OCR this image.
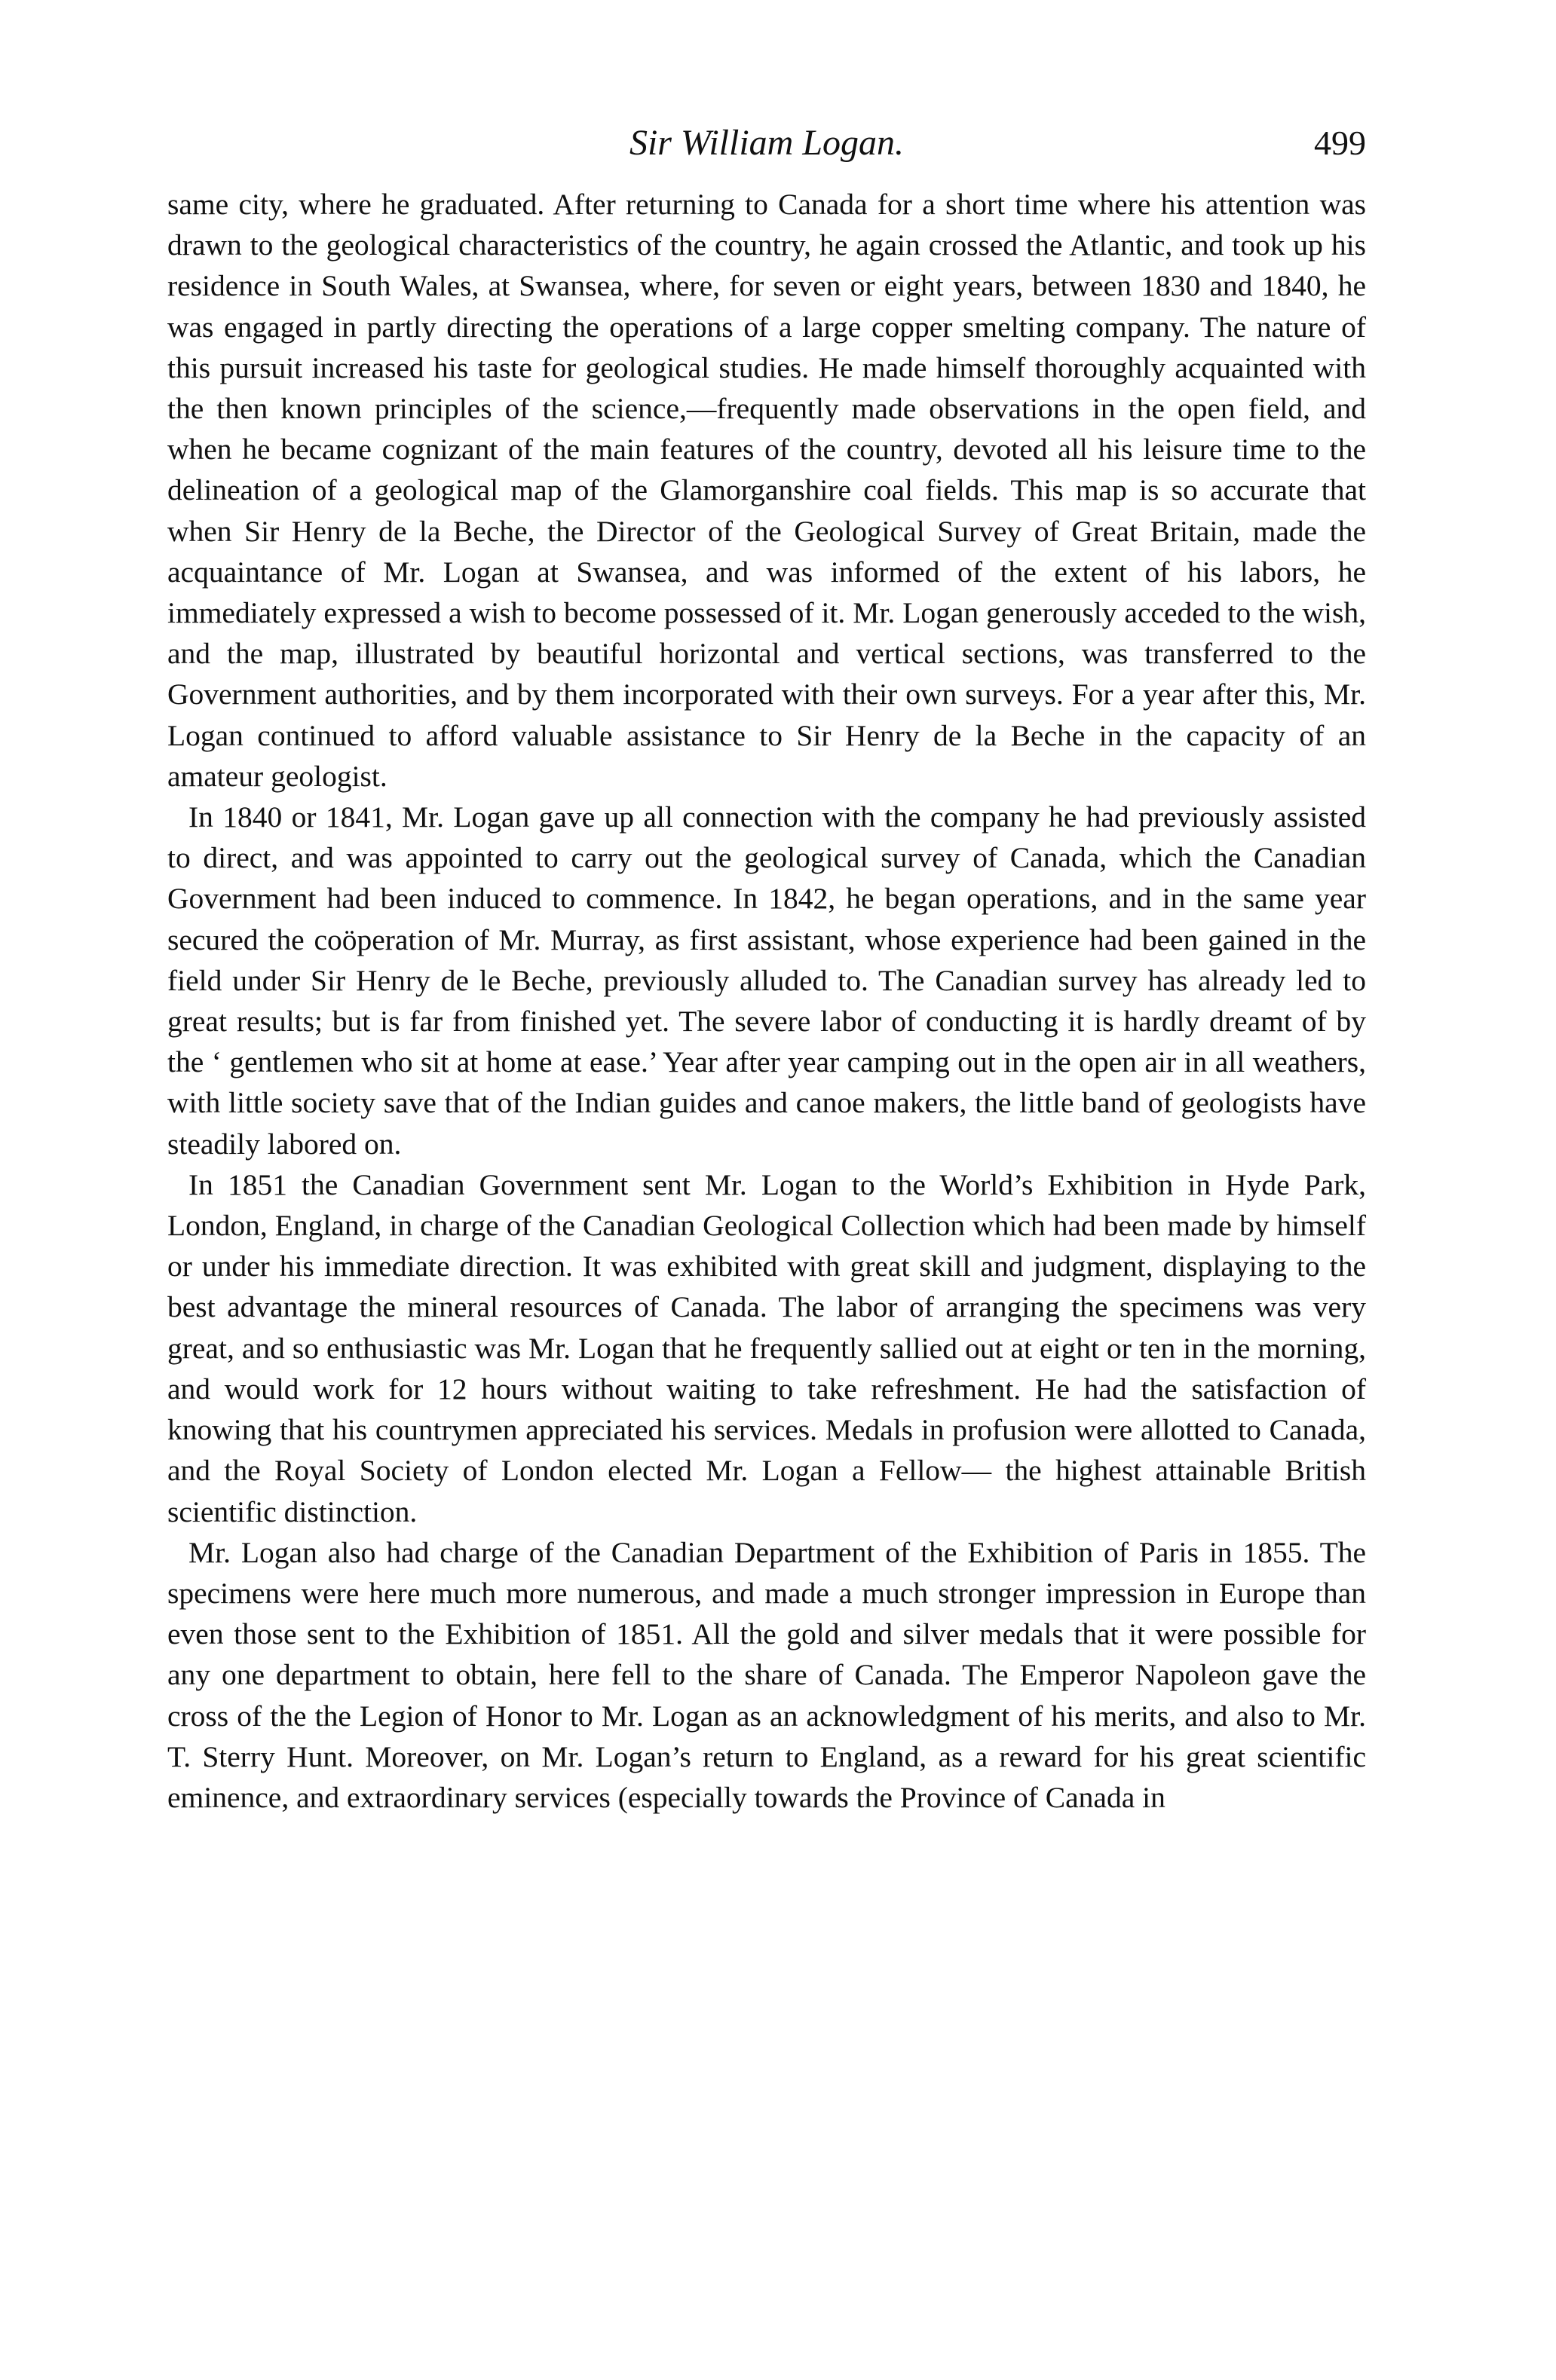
Sir William Logan.	499

same city, where he graduated. After returning to Canada for a short time where his attention was drawn to the geological characteristics of the country, he again crossed the Atlantic, and took up his residence in South Wales, at Swansea, where, for seven or eight years, between 1830 and 1840, he was engaged in partly directing the operations of a large copper smelting company. The nature of this pursuit increased his taste for geological studies. He made himself thoroughly acquainted with the then known principles of the science,—frequently made observations in the open field, and when he became cognizant of the main features of the country, devoted all his leisure time to the delineation of a geological map of the Glamorganshire coal fields. This map is so accurate that when Sir Henry de la Beche, the Director of the Geological Survey of Great Britain, made the acquaintance of Mr. Logan at Swansea, and was informed of the extent of his labors, he immediately expressed a wish to become possessed of it. Mr. Logan generously acceded to the wish, and the map, illustrated by beautiful horizontal and vertical sections, was transferred to the Government authorities, and by them incorporated with their own surveys. For a year after this, Mr. Logan continued to afford valuable assistance to Sir Henry de la Beche in the capacity of an amateur geologist.

In 1840 or 1841, Mr. Logan gave up all connection with the company he had previously assisted to direct, and was appointed to carry out the geological survey of Canada, which the Canadian Government had been induced to commence. In 1842, he began operations, and in the same year secured the coöperation of Mr. Murray, as first assistant, whose experience had been gained in the field under Sir Henry de le Beche, previously alluded to. The Canadian survey has already led to great results; but is far from finished yet. The severe labor of conducting it is hardly dreamt of by the ‘ gentlemen who sit at home at ease.’ Year after year camping out in the open air in all weathers, with little society save that of the Indian guides and canoe makers, the little band of geologists have steadily labored on.

In 1851 the Canadian Government sent Mr. Logan to the World’s Exhibition in Hyde Park, London, England, in charge of the Canadian Geological Collection which had been made by himself or under his immediate direction. It was exhibited with great skill and judgment, displaying to the best advantage the mineral resources of Canada. The labor of arranging the specimens was very great, and so enthusiastic was Mr. Logan that he frequently sallied out at eight or ten in the morning, and would work for 12 hours without waiting to take refreshment. He had the satisfaction of knowing that his countrymen appreciated his services. Medals in profusion were allotted to Canada, and the Royal Society of London elected Mr. Logan a Fellow— the highest attainable British scientific distinction.

Mr. Logan also had charge of the Canadian Department of the Exhibition of Paris in 1855. The specimens were here much more numerous, and made a much stronger impression in Europe than even those sent to the Exhibition of 1851. All the gold and silver medals that it were possible for any one department to obtain, here fell to the share of Canada. The Emperor Napoleon gave the cross of the the Legion of Honor to Mr. Logan as an acknowledgment of his merits, and also to Mr. T. Sterry Hunt. Moreover, on Mr. Logan’s return to England, as a reward for his great scientific eminence, and extraordinary services (especially towards the Province of Canada in
